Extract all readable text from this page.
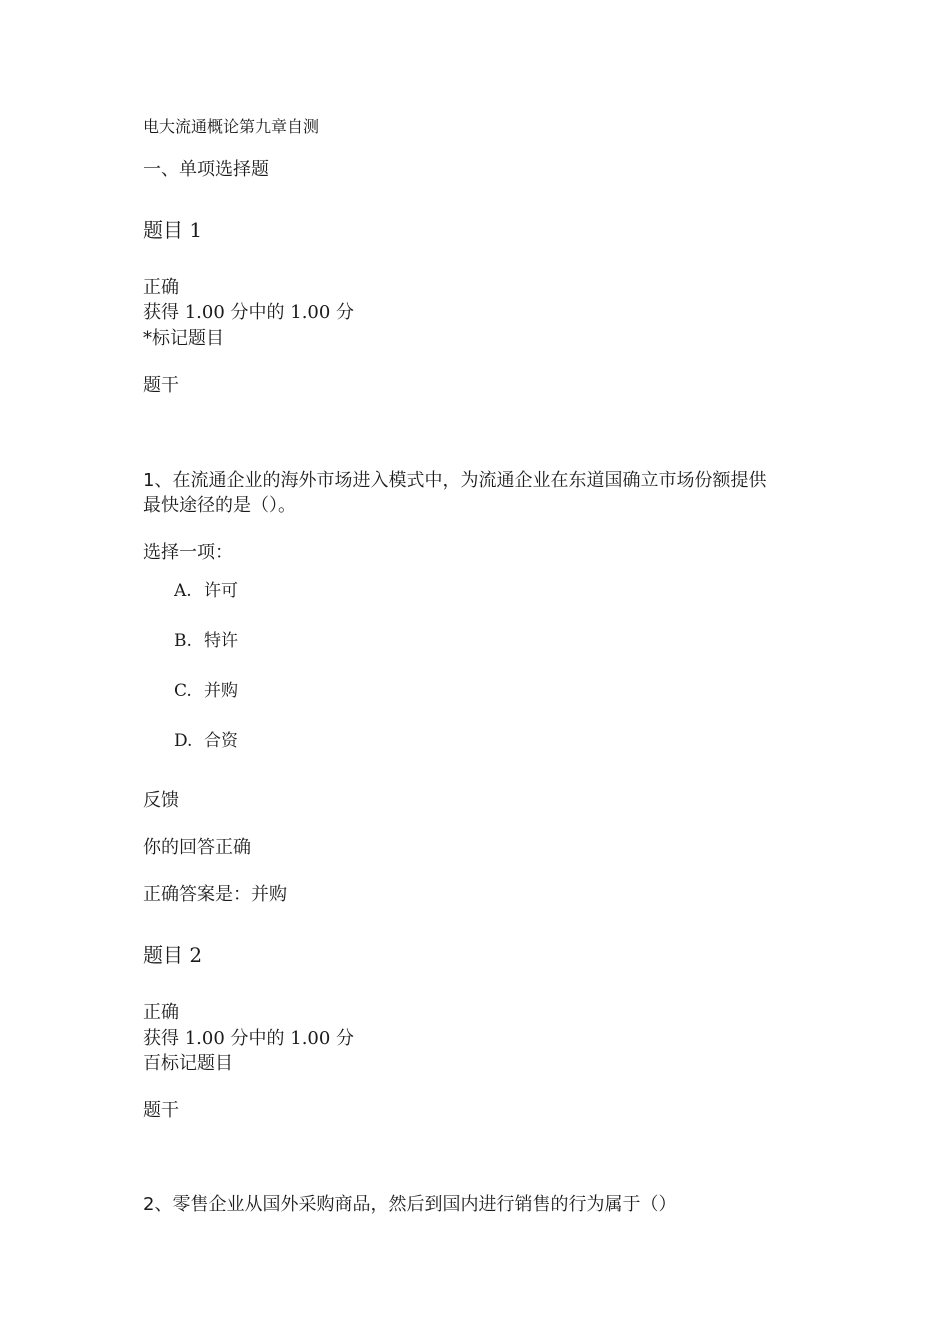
电大流通概论第九章自测
一、单项选择题
题目 1
正确
获得 1.00 分中的 1.00 分
*标记题目
题干
1、在流通企业的海外市场进入模式中，为流通企业在东道国确立市场份额提供
最快途径的是（）。
选择一项：
A. 许可
B. 特许
C. 并购
D. 合资
反馈
你的回答正确
正确答案是：并购
题目 2
正确
获得 1.00 分中的 1.00 分
百标记题目
题干
2、零售企业从国外采购商品，然后到国内进行销售的行为属于（）
